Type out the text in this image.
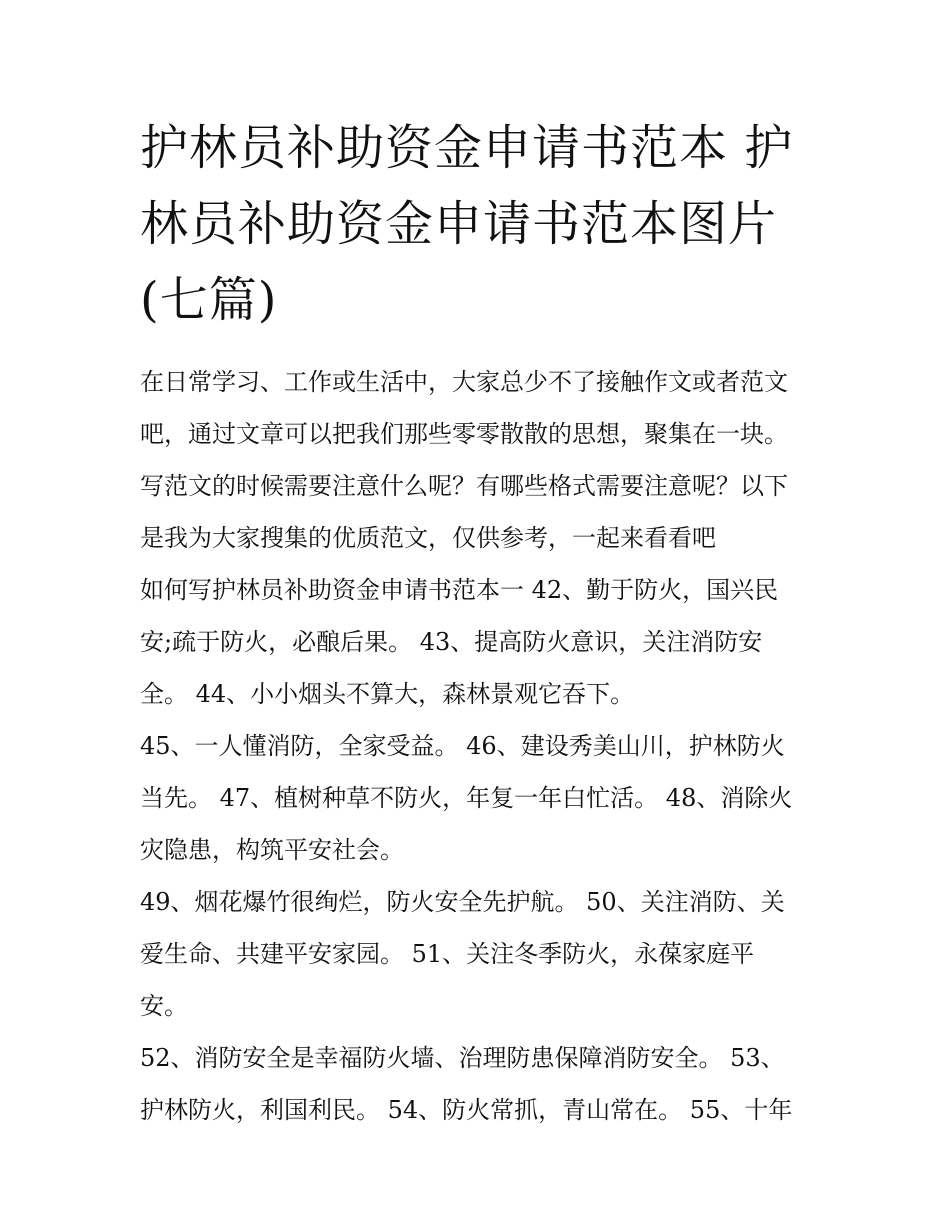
护林员补助资金申请书范本 护
林员补助资金申请书范本图片
(七篇)
在日常学习、工作或生活中，大家总少不了接触作文或者范文
吧，通过文章可以把我们那些零零散散的思想，聚集在一块。
写范文的时候需要注意什么呢？有哪些格式需要注意呢？以下
是我为大家搜集的优质范文，仅供参考，一起来看看吧
如何写护林员补助资金申请书范本一 42、勤于防火，国兴民
安;疏于防火，必酿后果。 43、提高防火意识，关注消防安
全。 44、小小烟头不算大，森林景观它吞下。
45、一人懂消防，全家受益。 46、建设秀美山川，护林防火
当先。 47、植树种草不防火，年复一年白忙活。 48、消除火
灾隐患，构筑平安社会。
49、烟花爆竹很绚烂，防火安全先护航。 50、关注消防、关
爱生命、共建平安家园。 51、关注冬季防火，永葆家庭平
安。
52、消防安全是幸福防火墙、治理防患保障消防安全。 53、
护林防火，利国利民。 54、防火常抓，青山常在。 55、十年
